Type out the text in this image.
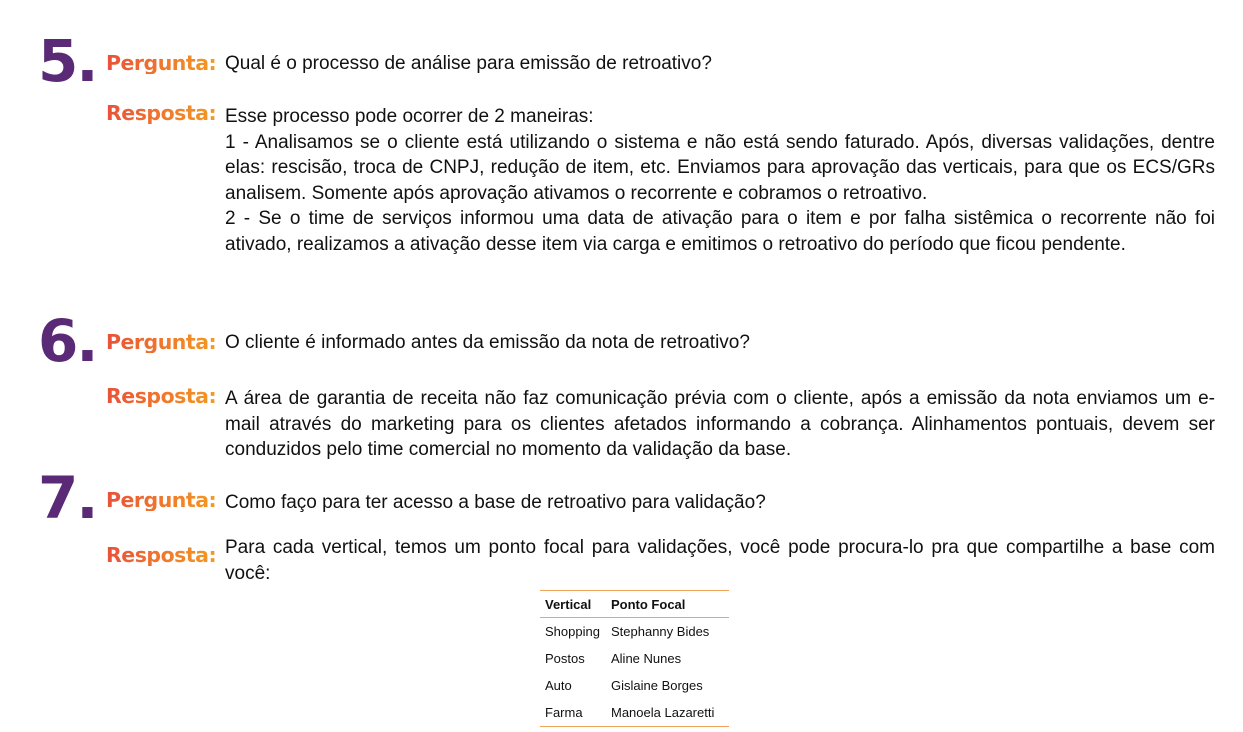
5. Pergunta: Qual é o processo de análise para emissão de retroativo?

Resposta: Esse processo pode ocorrer de 2 maneiras:

1 - Analisamos se o cliente está utilizando o sistema e não está sendo faturado. Após, diversas validações, dentre elas: rescisão, troca de CNPJ, redução de item, etc. Enviamos para aprovação das verticais, para que os ECS/GRs analisem. Somente após aprovação ativamos o recorrente e cobramos o retroativo.

2 - Se o time de serviços informou uma data de ativação para o item e por falha sistêmica o recorrente não foi ativado, realizamos a ativação desse item via carga e emitimos o retroativo do período que ficou pendente.

6. Pergunta: O cliente é informado antes da emissão da nota de retroativo?

Resposta: A área de garantia de receita não faz comunicação prévia com o cliente, após a emissão da nota enviamos um e-mail através do marketing para os clientes afetados informando a cobrança. Alinhamentos pontuais, devem ser conduzidos pelo time comercial no momento da validação da base.

7. Pergunta: Como faço para ter acesso a base de retroativo para validação?

Resposta: Para cada vertical, temos um ponto focal para validações, você pode procura-lo pra que compartilhe a base com você:

Vertical	Ponto Focal
Shopping	Stephanny Bides
Postos	Aline Nunes
Auto	Gislaine Borges
Farma	Manoela Lazaretti
